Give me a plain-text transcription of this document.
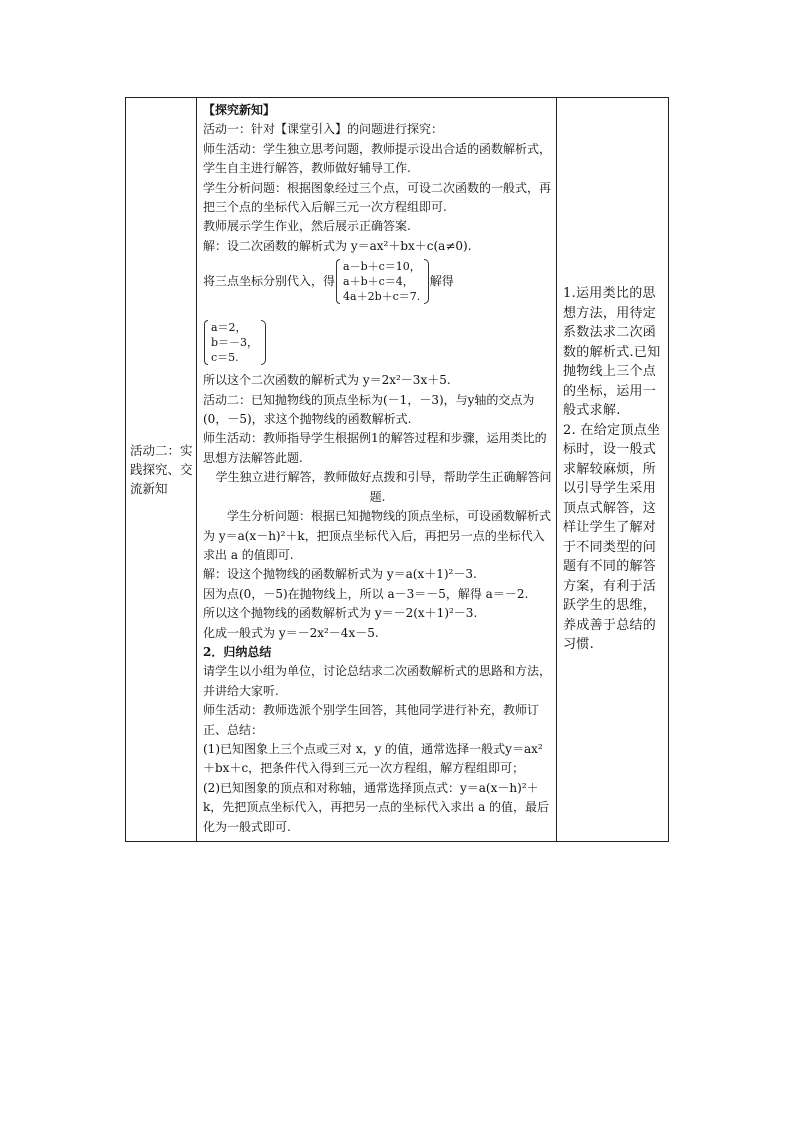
活动二：实践探究、交流新知

【探究新知】

活动一：针对【课堂引入】的问题进行探究：

师生活动：学生独立思考问题，教师提示设出合适的函数解析式，学生自主进行解答，教师做好辅导工作.

学生分析问题：根据图象经过三个点，可设二次函数的一般式，再把三个点的坐标代入后解三元一次方程组即可.

教师展示学生作业，然后展示正确答案.

解：设二次函数的解析式为 y＝ax²＋bx＋c(a≠0).

将三点坐标分别代入，得
a－b＋c＝10，
a＋b＋c＝4，
4a＋2b＋c＝7.
解得
a＝2，
b＝－3，
c＝5.

所以这个二次函数的解析式为 y＝2x²－3x＋5.

活动二：已知抛物线的顶点坐标为(－1，－3)，与y轴的交点为(0，－5)，求这个抛物线的函数解析式.

师生活动：教师指导学生根据例1的解答过程和步骤，运用类比的思想方法解答此题.

学生独立进行解答，教师做好点拨和引导，帮助学生正确解答问题.

学生分析问题：根据已知抛物线的顶点坐标，可设函数解析式为 y＝a(x－h)²＋k，把顶点坐标代入后，再把另一点的坐标代入求出 a 的值即可.

解：设这个抛物线的函数解析式为 y＝a(x＋1)²－3.

因为点(0，－5)在抛物线上，所以 a－3＝－5，解得 a＝－2.

所以这个抛物线的函数解析式为 y＝－2(x＋1)²－3.

化成一般式为 y＝－2x²－4x－5.

2．归纳总结

请学生以小组为单位，讨论总结求二次函数解析式的思路和方法，并讲给大家听.

师生活动：教师选派个别学生回答，其他同学进行补充，教师订正、总结：

(1)已知图象上三个点或三对 x，y 的值，通常选择一般式y＝ax²＋bx＋c，把条件代入得到三元一次方程组，解方程组即可；

(2)已知图象的顶点和对称轴，通常选择顶点式：y＝a(x－h)²＋k，先把顶点坐标代入，再把另一点的坐标代入求出 a 的值，最后化为一般式即可.

1.运用类比的思想方法，用待定系数法求二次函数的解析式.已知抛物线上三个点的坐标，运用一般式求解.
2. 在给定顶点坐标时，设一般式求解较麻烦，所以引导学生采用顶点式解答，这样让学生了解对于不同类型的问题有不同的解答方案，有利于活跃学生的思维，养成善于总结的习惯.
